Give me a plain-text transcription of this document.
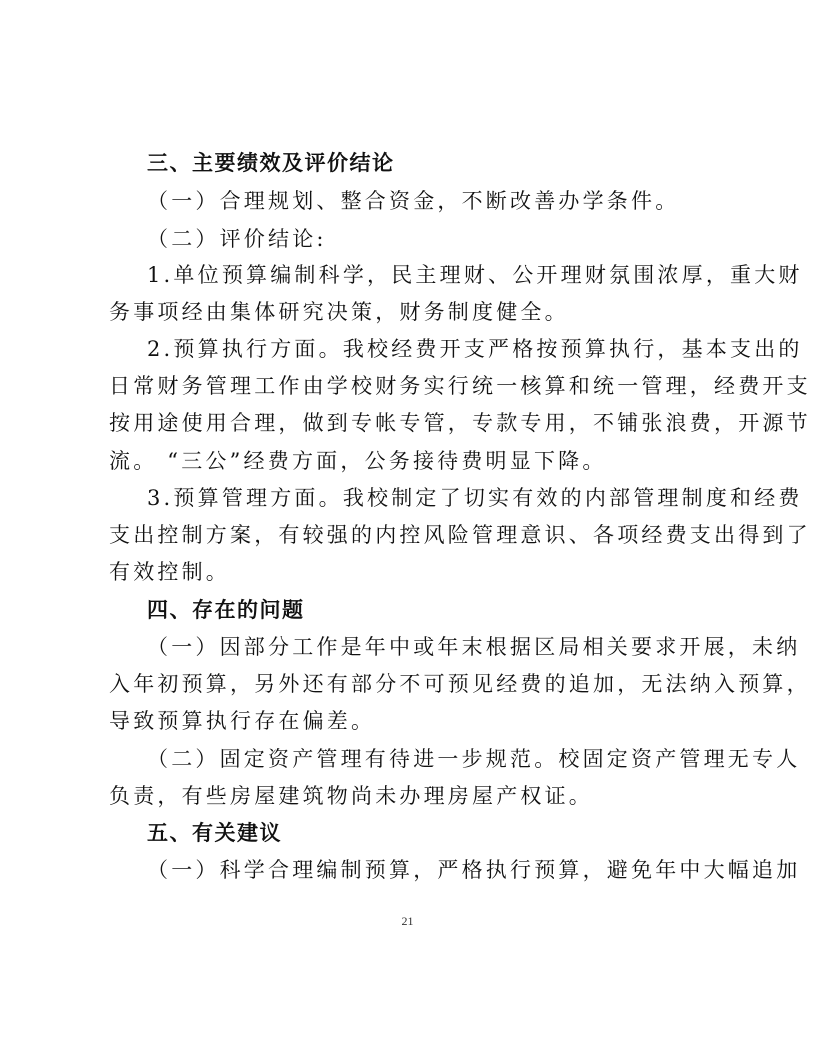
三、主要绩效及评价结论
（一）合理规划、整合资金，不断改善办学条件。
（二）评价结论:
1.单位预算编制科学，民主理财、公开理财氛围浓厚，重大财
务事项经由集体研究决策，财务制度健全。
2.预算执行方面。我校经费开支严格按预算执行，基本支出的
日常财务管理工作由学校财务实行统一核算和统一管理，经费开支
按用途使用合理，做到专帐专管，专款专用，不铺张浪费，开源节
流。 “三公”经费方面，公务接待费明显下降。
3.预算管理方面。我校制定了切实有效的内部管理制度和经费
支出控制方案，有较强的内控风险管理意识、各项经费支出得到了
有效控制。
四、存在的问题
（一）因部分工作是年中或年末根据区局相关要求开展，未纳
入年初预算，另外还有部分不可预见经费的追加，无法纳入预算，
导致预算执行存在偏差。
（二）固定资产管理有待进一步规范。校固定资产管理无专人
负责，有些房屋建筑物尚未办理房屋产权证。
五、有关建议
（一）科学合理编制预算，严格执行预算，避免年中大幅追加
21
